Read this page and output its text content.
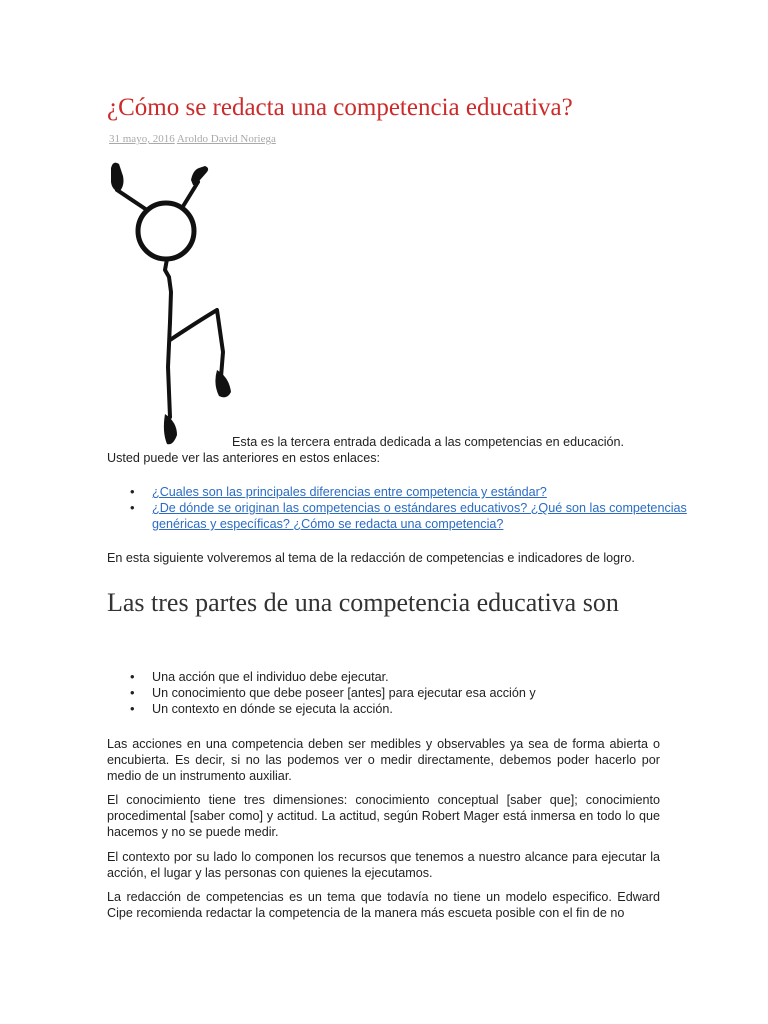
¿Cómo se redacta una competencia educativa?
31 mayo, 2016 Aroldo David Noriega
Esta es la tercera entrada dedicada a las competencias en educación.
Usted puede ver las anteriores en estos enlaces:
• ¿Cuales son las principales diferencias entre competencia y estándar?
• ¿De dónde se originan las competencias o estándares educativos? ¿Qué son las competencias genéricas y específicas? ¿Cómo se redacta una competencia?

En esta siguiente volveremos al tema de la redacción de competencias e indicadores de logro.

Las tres partes de una competencia educativa son
• Una acción que el individuo debe ejecutar.
• Un conocimiento que debe poseer [antes] para ejecutar esa acción y
• Un contexto en dónde se ejecuta la acción.

Las acciones en una competencia deben ser medibles y observables ya sea de forma abierta o encubierta. Es decir, si no las podemos ver o medir directamente, debemos poder hacerlo por medio de un instrumento auxiliar.

El conocimiento tiene tres dimensiones: conocimiento conceptual [saber que]; conocimiento procedimental [saber como] y actitud. La actitud, según Robert Mager está inmersa en todo lo que hacemos y no se puede medir.

El contexto por su lado lo componen los recursos que tenemos a nuestro alcance para ejecutar la acción, el lugar y las personas con quienes la ejecutamos.

La redacción de competencias es un tema que todavía no tiene un modelo especifico. Edward Cipe recomienda redactar la competencia de la manera más escueta posible con el fin de no
